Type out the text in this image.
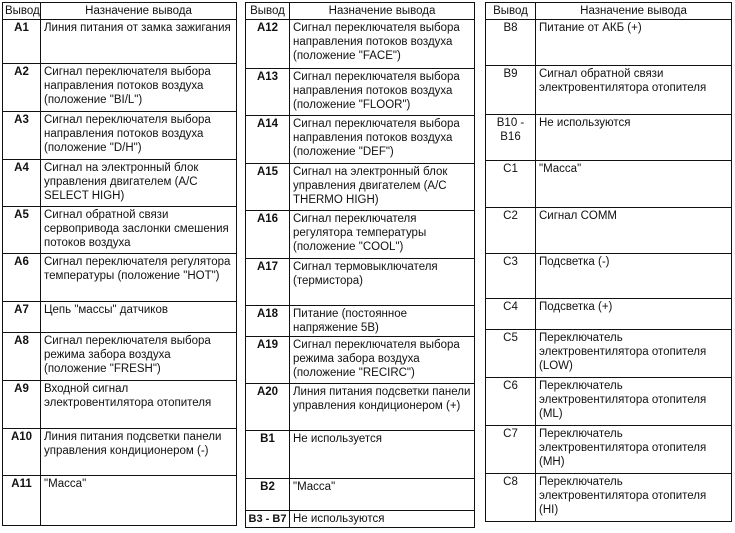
Вывод	Назначение вывода
A1	Линия питания от замка зажигания
A2	Сигнал переключателя выбора направления потоков воздуха (положение "BI/L")
A3	Сигнал переключателя выбора направления потоков воздуха (положение "D/H")
A4	Сигнал на электронный блок управления двигателем (A/C SELECT HIGH)
A5	Сигнал обратной связи сервопривода заслонки смешения потоков воздуха
A6	Сигнал переключателя регулятора температуры (положение "HOT")
A7	Цепь "массы" датчиков
A8	Сигнал переключателя выбора режима забора воздуха (положение "FRESH")
A9	Входной сигнал электровентилятора отопителя
A10	Линия питания подсветки панели управления кондиционером (-)
A11	"Масса"
Вывод	Назначение вывода
A12	Сигнал переключателя выбора направления потоков воздуха (положение "FACE")
A13	Сигнал переключателя выбора направления потоков воздуха (положение "FLOOR")
A14	Сигнал переключателя выбора направления потоков воздуха (положение "DEF")
A15	Сигнал на электронный блок управления двигателем (A/C THERMO HIGH)
A16	Сигнал переключателя регулятора температуры (положение "COOL")
A17	Сигнал термовыключателя (термистора)
A18	Питание (постоянное напряжение 5В)
A19	Сигнал переключателя выбора режима забора воздуха (положение "RECIRC")
A20	Линия питания подсветки панели управления кондиционером (+)
B1	Не используется
B2	"Масса"
B3 - B7	Не используются
Вывод	Назначение вывода
B8	Питание от АКБ (+)
B9	Сигнал обратной связи электровентилятора отопителя
B10 - B16	Не используются
C1	"Масса"
C2	Сигнал COMM
C3	Подсветка (-)
C4	Подсветка (+)
C5	Переключатель электровентилятора отопителя (LOW)
C6	Переключатель электровентилятора отопителя (ML)
C7	Переключатель электровентилятора отопителя (MH)
C8	Переключатель электровентилятора отопителя (HI)
